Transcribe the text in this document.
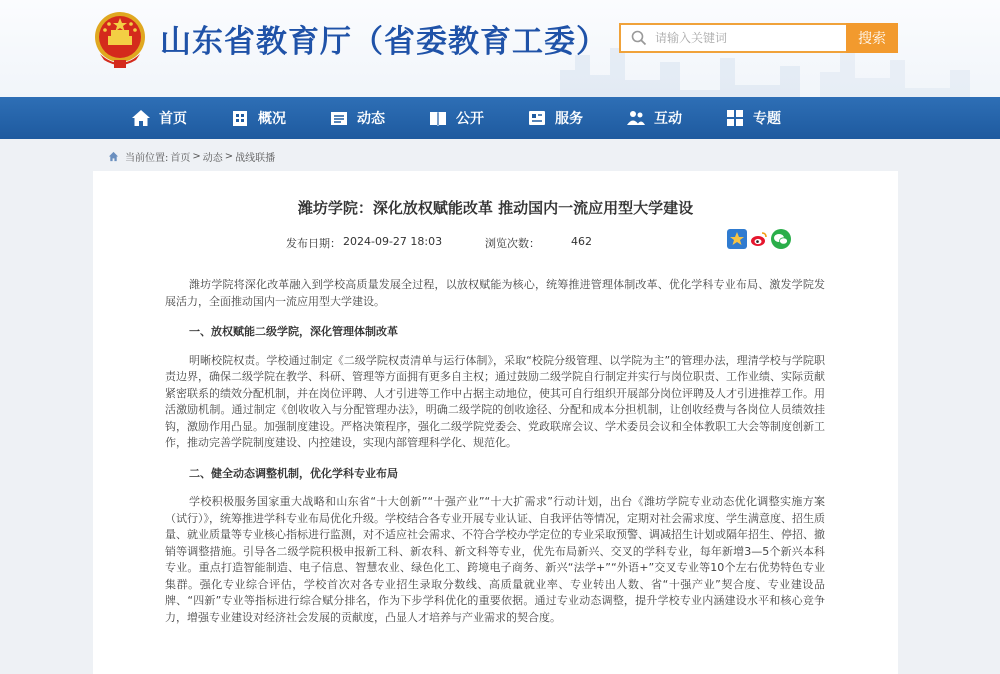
山东省教育厅（省委教育工委）
请输入关键词	搜索
首页	概况	动态	公开	服务	互动	专题
当前位置: 首页 > 动态 > 战线联播
潍坊学院：深化放权赋能改革 推动国内一流应用型大学建设
发布日期： 2024-09-27 18:03	浏览次数：	462

潍坊学院将深化改革融入到学校高质量发展全过程，以放权赋能为核心，统筹推进管理体制改革、优化学科专业布局、激发学院发展活力，全面推动国内一流应用型大学建设。

一、放权赋能二级学院，深化管理体制改革

明晰校院权责。学校通过制定《二级学院权责清单与运行体制》，采取“校院分级管理、以学院为主”的管理办法，理清学校与学院职责边界，确保二级学院在教学、科研、管理等方面拥有更多自主权；通过鼓励二级学院自行制定并实行与岗位职责、工作业绩、实际贡献紧密联系的绩效分配机制，并在岗位评聘、人才引进等工作中占据主动地位，使其可自行组织开展部分岗位评聘及人才引进推荐工作。用活激励机制。通过制定《创收收入与分配管理办法》，明确二级学院的创收途径、分配和成本分担机制，让创收经费与各岗位人员绩效挂钩，激励作用凸显。加强制度建设。严格决策程序，强化二级学院党委会、党政联席会议、学术委员会议和全体教职工大会等制度创新工作，推动完善学院制度建设、内控建设，实现内部管理科学化、规范化。

二、健全动态调整机制，优化学科专业布局

学校积极服务国家重大战略和山东省“十大创新”“十强产业”“十大扩需求”行动计划，出台《潍坊学院专业动态优化调整实施方案（试行）》，统筹推进学科专业布局优化升级。学校结合各专业开展专业认证、自我评估等情况，定期对社会需求度、学生满意度、招生质量、就业质量等专业核心指标进行监测，对不适应社会需求、不符合学校办学定位的专业采取预警、调减招生计划或隔年招生、停招、撤销等调整措施。引导各二级学院积极申报新工科、新农科、新文科等专业，优先布局新兴、交叉的学科专业，每年新增3—5个新兴本科专业。重点打造智能制造、电子信息、智慧农业、绿色化工、跨境电子商务、新兴“法学+”“外语+”交叉专业等10个左右优势特色专业集群。强化专业综合评估，学校首次对各专业招生录取分数线、高质量就业率、专业转出人数、省“十强产业”契合度、专业建设品牌、“四新”专业等指标进行综合赋分排名，作为下步学科优化的重要依据。通过专业动态调整，提升学校专业内涵建设水平和核心竞争力，增强专业建设对经济社会发展的贡献度，凸显人才培养与产业需求的契合度。
